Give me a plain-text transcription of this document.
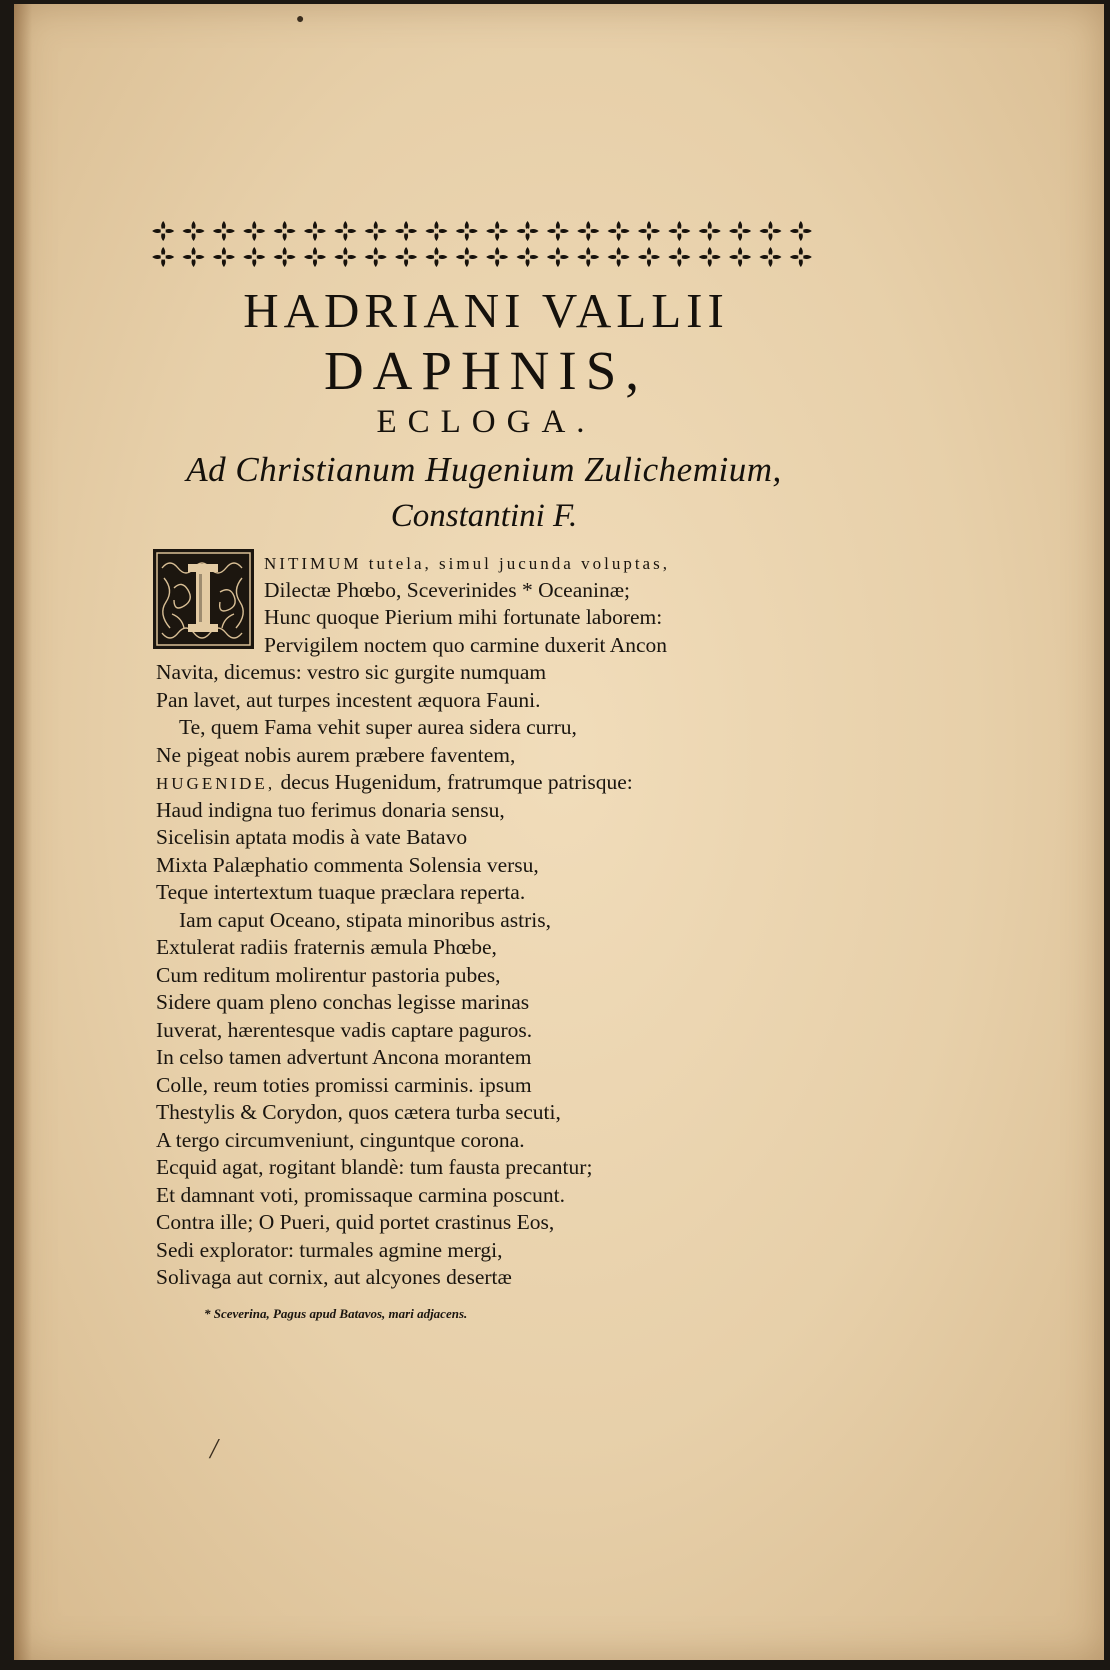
HADRIANI VALLII
DAPHNIS,
ECLOGA.
Ad Christianum Hugenium Zulichemium,
Constantini F.
NITIMUM tutela, simul jucunda voluptas,
Dilectæ Phœbo, Sceverinides * Oceaninæ;
Hunc quoque Pierium mihi fortunate laborem:
Pervigilem noctem quo carmine duxerit Ancon
Navita, dicemus: vestro sic gurgite numquam
Pan lavet, aut turpes incestent æquora Fauni.
Te, quem Fama vehit super aurea sidera curru,
Ne pigeat nobis aurem præbere faventem,
HUGENIDE, decus Hugenidum, fratrumque patrisque:
Haud indigna tuo ferimus donaria sensu,
Sicelisin aptata modis à vate Batavo
Mixta Palæphatio commenta Solensia versu,
Teque intertextum tuaque præclara reperta.
Iam caput Oceano, stipata minoribus astris,
Extulerat radiis fraternis æmula Phœbe,
Cum reditum molirentur pastoria pubes,
Sidere quam pleno conchas legisse marinas
Iuverat, hærentesque vadis captare paguros.
In celso tamen advertunt Ancona morantem
Colle, reum toties promissi carminis. ipsum
Thestylis & Corydon, quos cætera turba secuti,
A tergo circumveniunt, cinguntque corona.
Ecquid agat, rogitant blandè: tum fausta precantur;
Et damnant voti, promissaque carmina poscunt.
Contra ille; O Pueri, quid portet crastinus Eos,
Sedi explorator: turmales agmine mergi,
Solivaga aut cornix, aut alcyones desertæ
* Sceverina, Pagus apud Batavos, mari adjacens.
●
/
